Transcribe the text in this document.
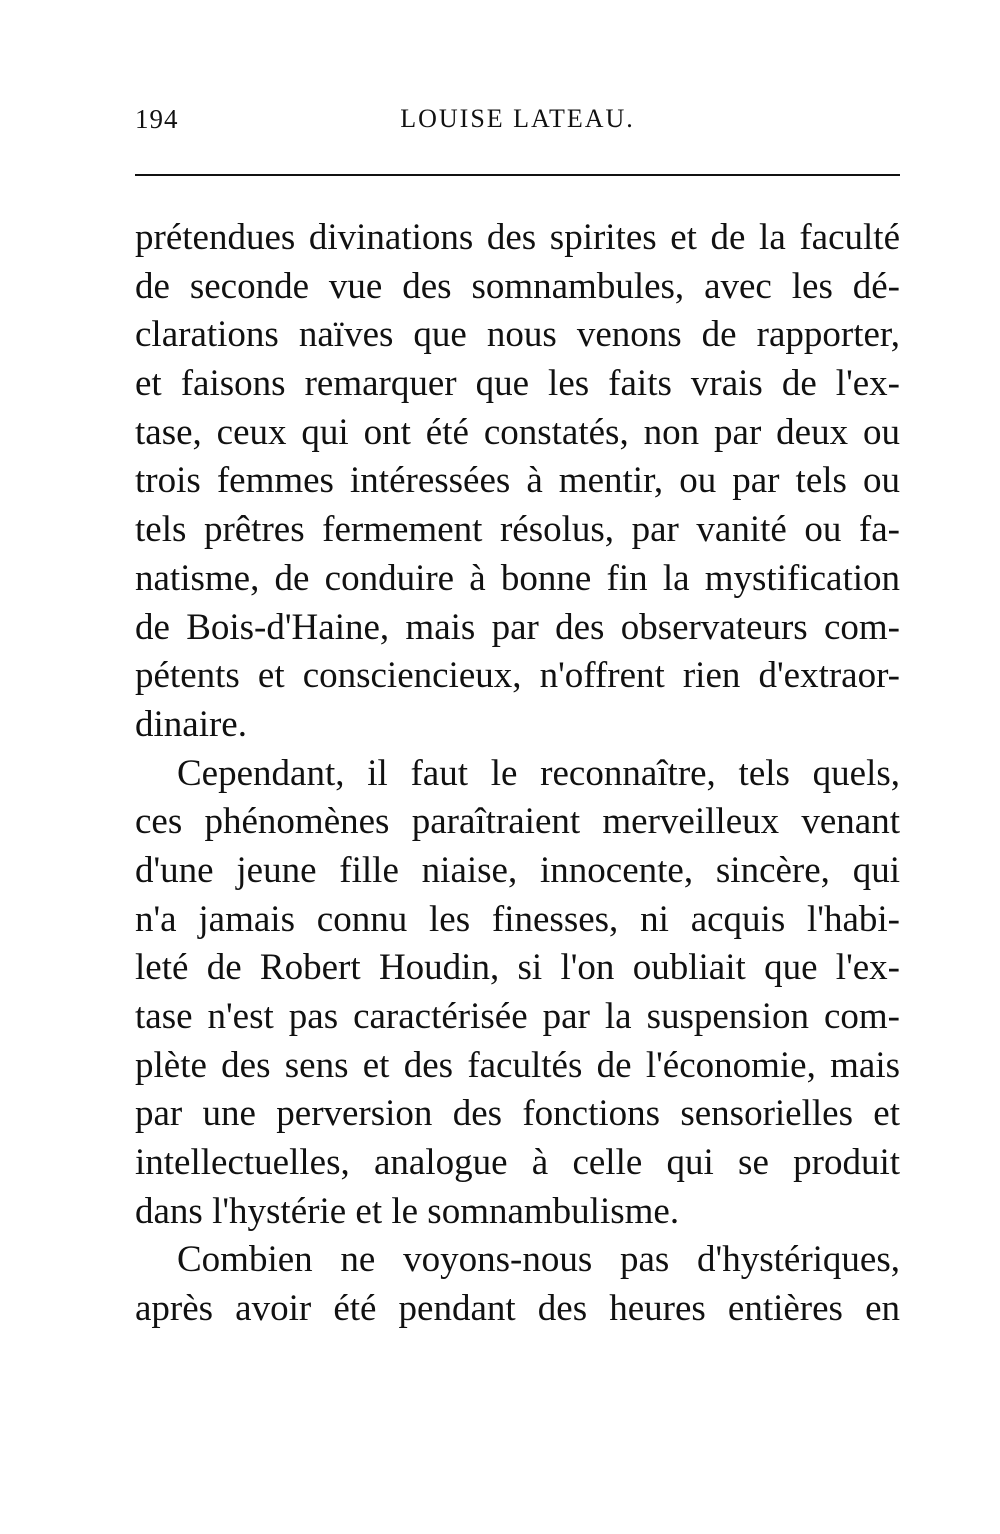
194	LOUISE LATEAU.
prétendues divinations des spirites et de la faculté
de seconde vue des somnambules, avec les dé-
clarations naïves que nous venons de rapporter,
et faisons remarquer que les faits vrais de l'ex-
tase, ceux qui ont été constatés, non par deux ou
trois femmes intéressées à mentir, ou par tels ou
tels prêtres fermement résolus, par vanité ou fa-
natisme, de conduire à bonne fin la mystification
de Bois-d'Haine, mais par des observateurs com-
pétents et consciencieux, n'offrent rien d'extraor-
dinaire.
Cependant, il faut le reconnaître, tels quels,
ces phénomènes paraîtraient merveilleux venant
d'une jeune fille niaise, innocente, sincère, qui
n'a jamais connu les finesses, ni acquis l'habi-
leté de Robert Houdin, si l'on oubliait que l'ex-
tase n'est pas caractérisée par la suspension com-
plète des sens et des facultés de l'économie, mais
par une perversion des fonctions sensorielles et
intellectuelles, analogue à celle qui se produit
dans l'hystérie et le somnambulisme.
Combien ne voyons-nous pas d'hystériques,
après avoir été pendant des heures entières en
